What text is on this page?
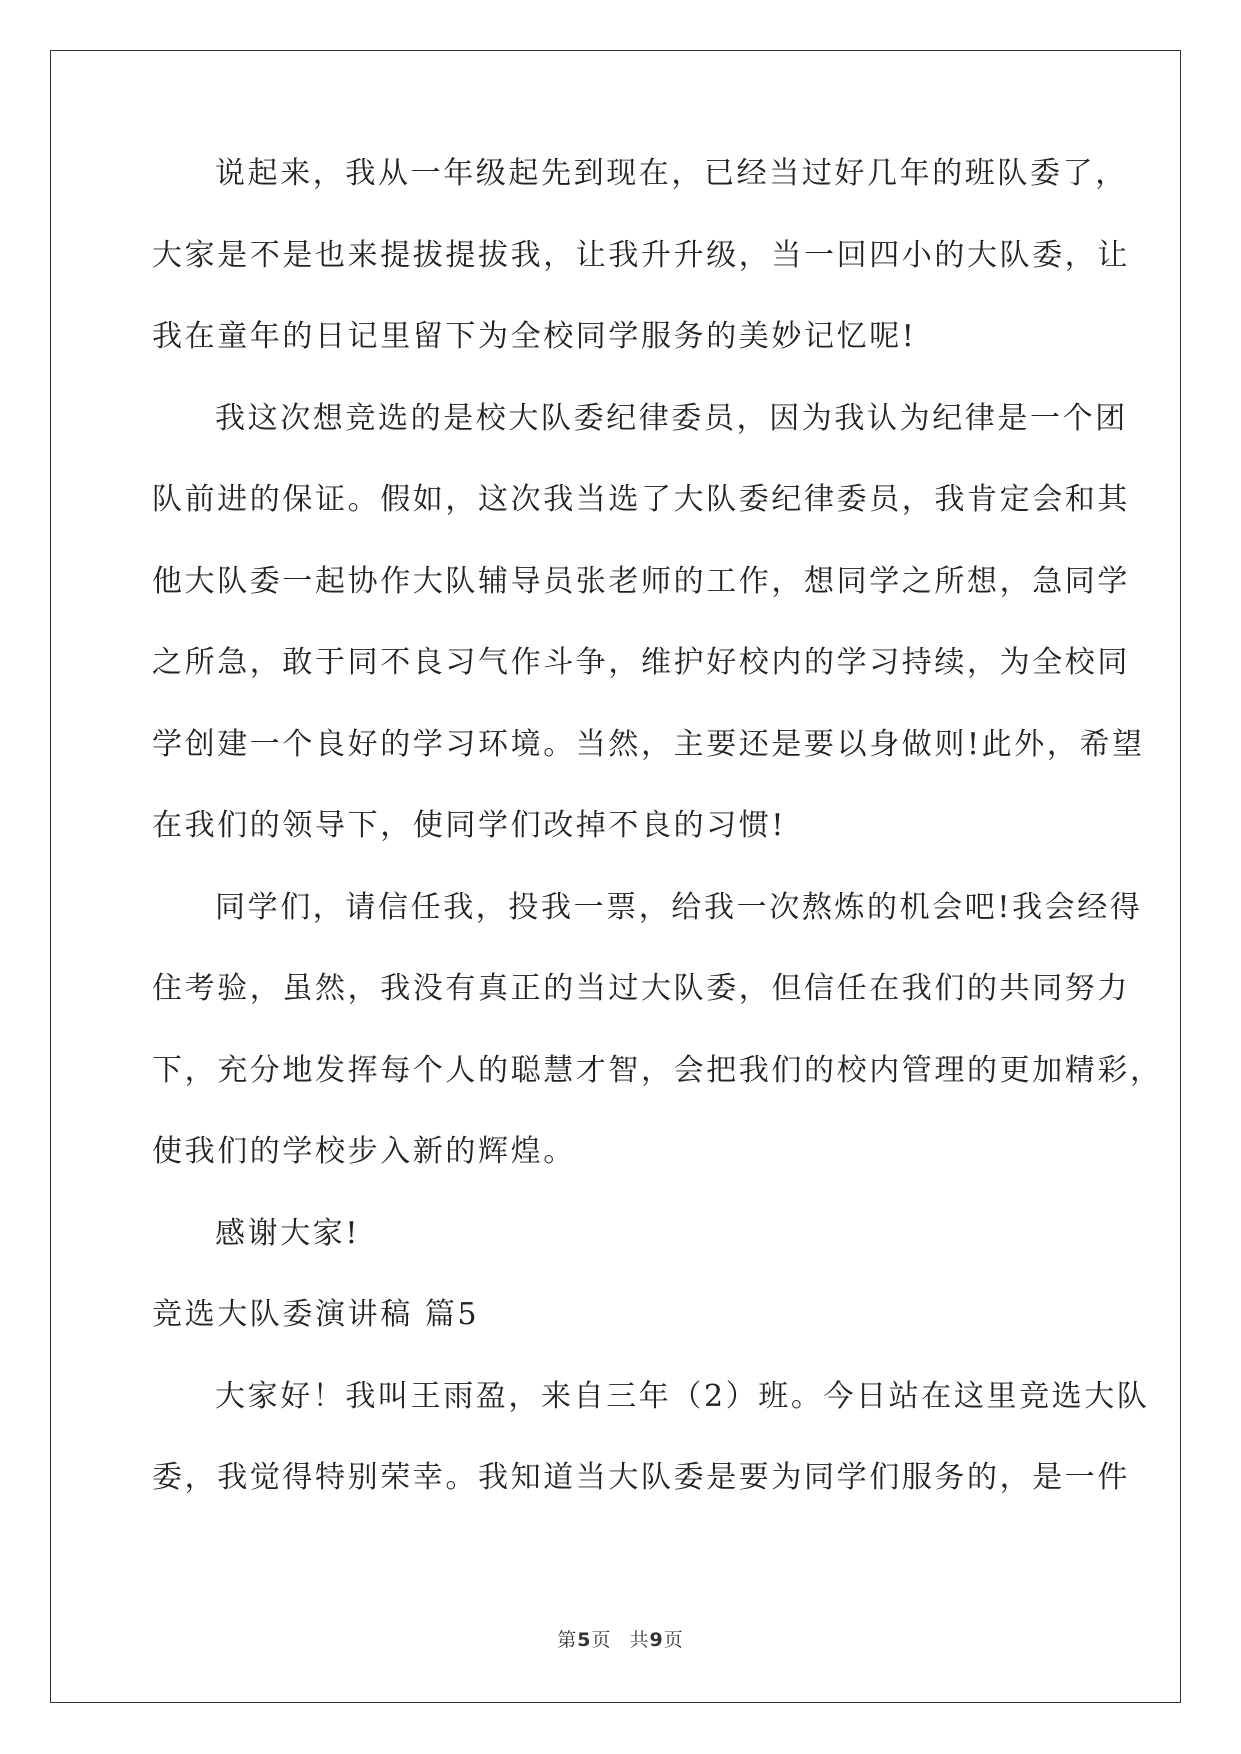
说起来，我从一年级起先到现在，已经当过好几年的班队委了，
大家是不是也来提拔提拔我，让我升升级，当一回四小的大队委，让
我在童年的日记里留下为全校同学服务的美妙记忆呢!
我这次想竞选的是校大队委纪律委员，因为我认为纪律是一个团
队前进的保证。假如，这次我当选了大队委纪律委员，我肯定会和其
他大队委一起协作大队辅导员张老师的工作，想同学之所想，急同学
之所急，敢于同不良习气作斗争，维护好校内的学习持续，为全校同
学创建一个良好的学习环境。当然，主要还是要以身做则!此外，希望
在我们的领导下，使同学们改掉不良的习惯!
同学们，请信任我，投我一票，给我一次熬炼的机会吧!我会经得
住考验，虽然，我没有真正的当过大队委，但信任在我们的共同努力
下，充分地发挥每个人的聪慧才智，会把我们的校内管理的更加精彩，
使我们的学校步入新的辉煌。
感谢大家!
竞选大队委演讲稿 篇5
大家好！我叫王雨盈，来自三年（2）班。今日站在这里竞选大队
委，我觉得特别荣幸。我知道当大队委是要为同学们服务的，是一件
第5页 共9页
